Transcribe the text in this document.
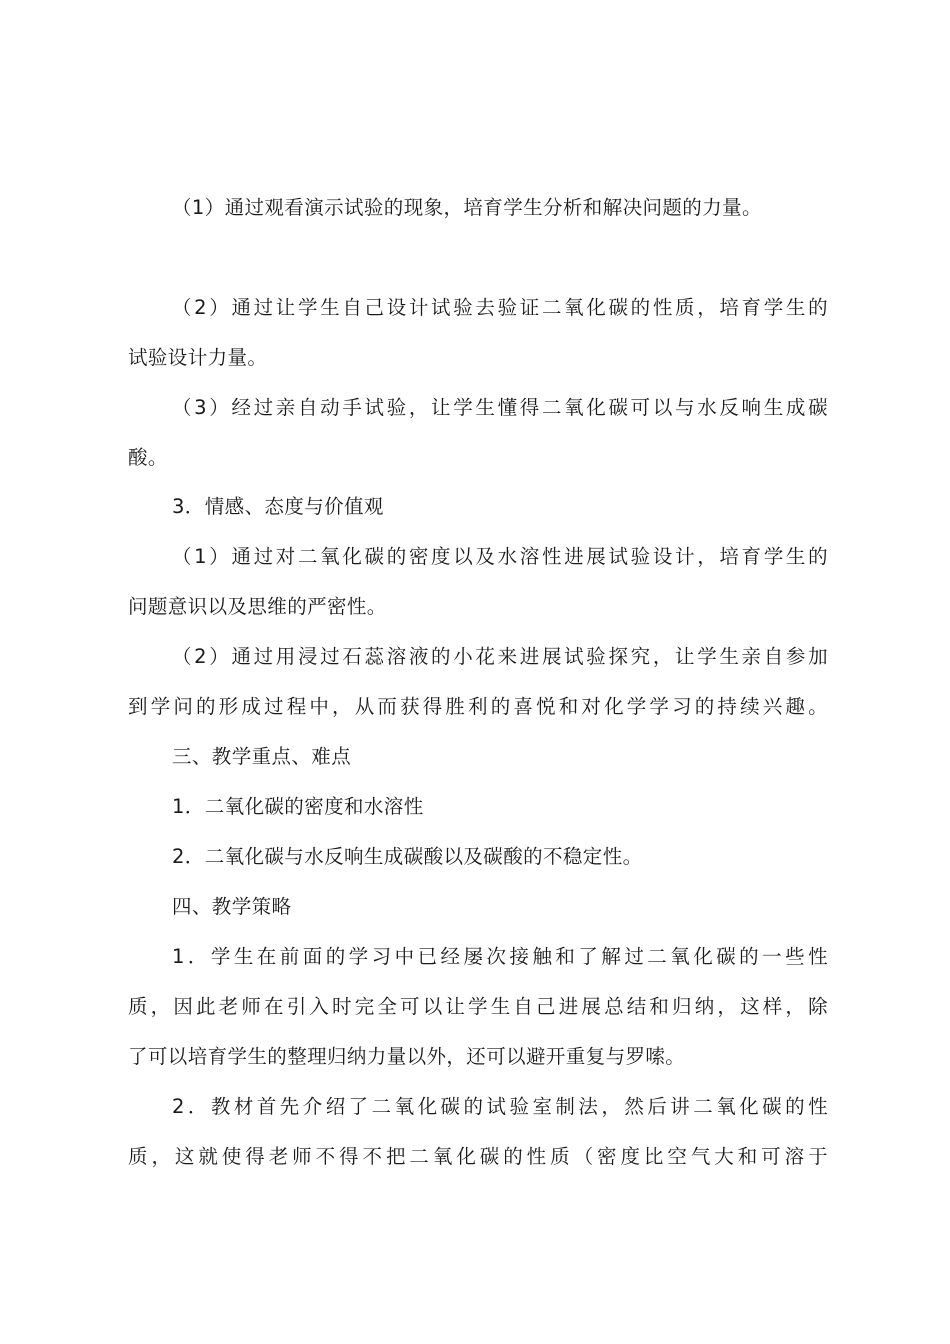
（1）通过观看演示试验的现象，培育学生分析和解决问题的力量。
（2）通过让学生自己设计试验去验证二氧化碳的性质，培育学生的
试验设计力量。
（3）经过亲自动手试验，让学生懂得二氧化碳可以与水反响生成碳
酸。
3．情感、态度与价值观
（1）通过对二氧化碳的密度以及水溶性进展试验设计，培育学生的
问题意识以及思维的严密性。
（2）通过用浸过石蕊溶液的小花来进展试验探究，让学生亲自参加
到学问的形成过程中，从而获得胜利的喜悦和对化学学习的持续兴趣。
三、教学重点、难点
1．二氧化碳的密度和水溶性
2．二氧化碳与水反响生成碳酸以及碳酸的不稳定性。
四、教学策略
1．学生在前面的学习中已经屡次接触和了解过二氧化碳的一些性
质，因此老师在引入时完全可以让学生自己进展总结和归纳，这样，除
了可以培育学生的整理归纳力量以外，还可以避开重复与罗嗦。
2．教材首先介绍了二氧化碳的试验室制法，然后讲二氧化碳的性
质，这就使得老师不得不把二氧化碳的性质（密度比空气大和可溶于
